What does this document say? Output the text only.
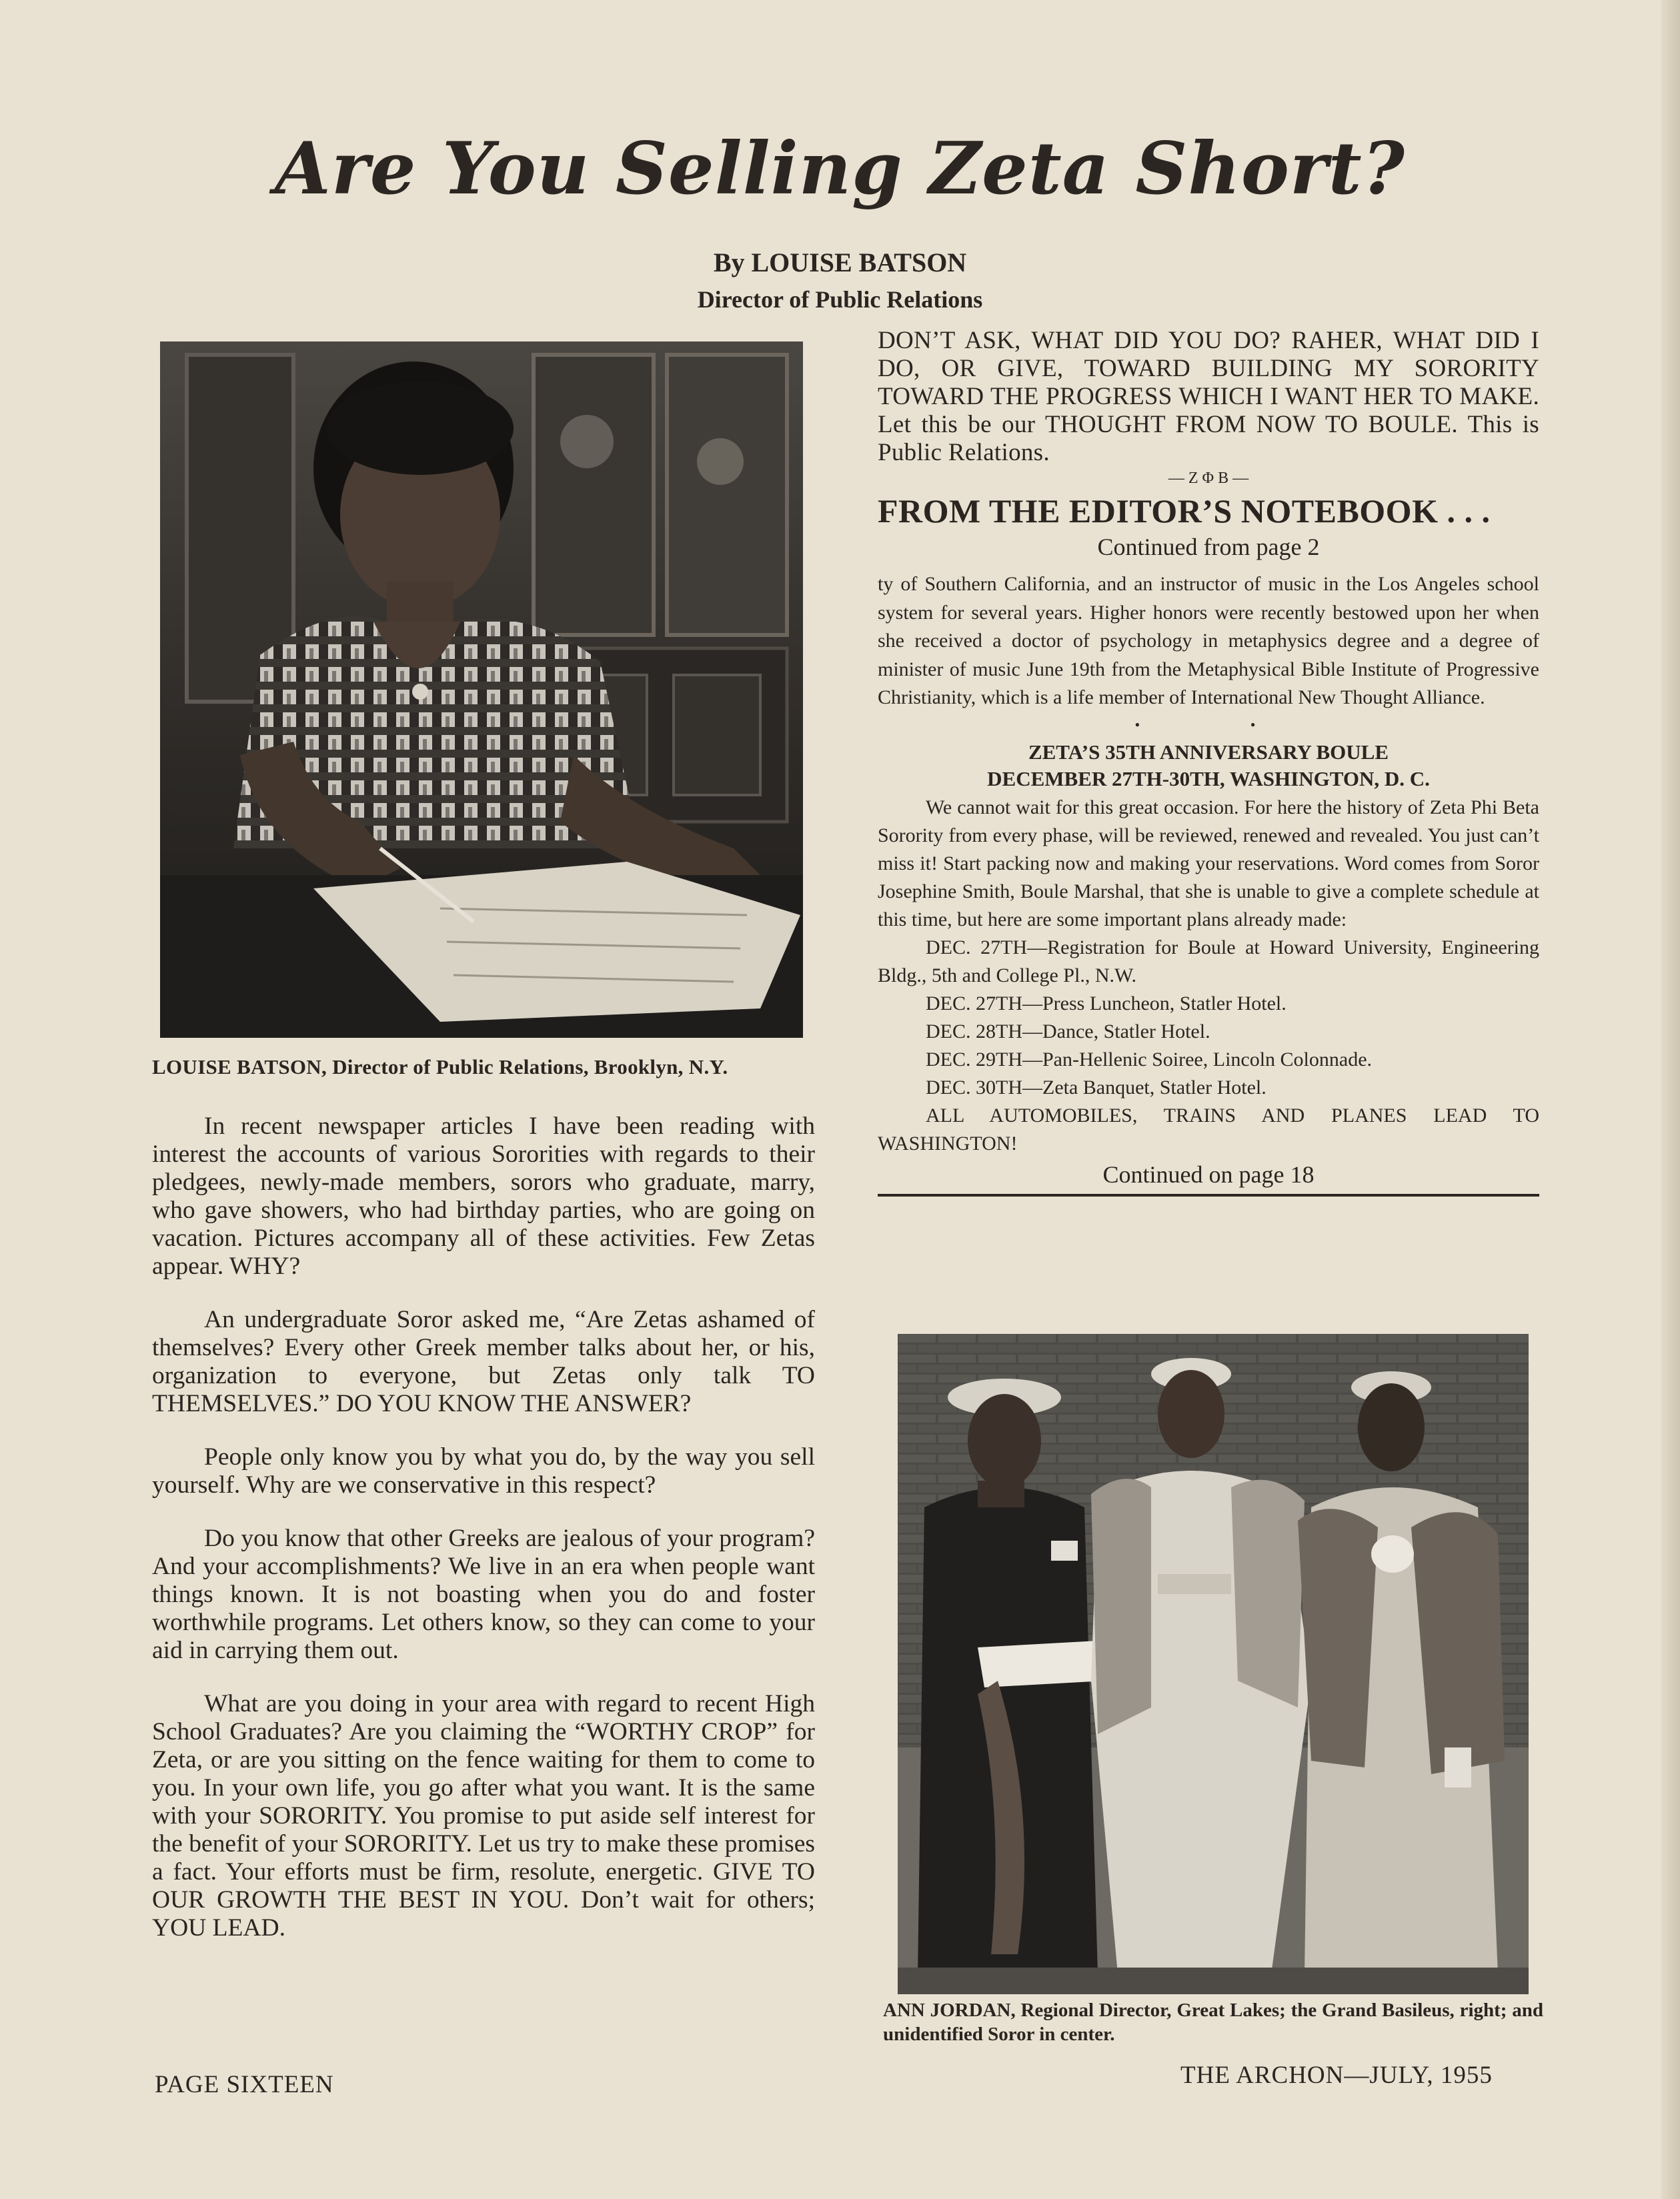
Are You Selling Zeta Short?

By LOUISE BATSON

Director of Public Relations

LOUISE BATSON, Director of Public Relations, Brooklyn, N.Y.

In recent newspaper articles I have been reading with interest the accounts of various Sororities with regards to their pledgees, newly-made members, sorors who graduate, marry, who gave showers, who had birthday parties, who are going on vacation. Pictures accompany all of these activities. Few Zetas appear. WHY?

An undergraduate Soror asked me, “Are Zetas ashamed of themselves? Every other Greek member talks about her, or his, organization to everyone, but Zetas only talk TO THEMSELVES.” DO YOU KNOW THE ANSWER?

People only know you by what you do, by the way you sell yourself. Why are we conservative in this respect?

Do you know that other Greeks are jealous of your program? And your accomplishments? We live in an era when people want things known. It is not boasting when you do and foster worthwhile programs. Let others know, so they can come to your aid in carrying them out.

What are you doing in your area with regard to recent High School Graduates? Are you claiming the “WORTHY CROP” for Zeta, or are you sitting on the fence waiting for them to come to you. In your own life, you go after what you want. It is the same with your SORORITY. You promise to put aside self interest for the benefit of your SORORITY. Let us try to make these promises a fact. Your efforts must be firm, resolute, energetic. GIVE TO OUR GROWTH THE BEST IN YOU. Don’t wait for others; YOU LEAD.

DON’T ASK, WHAT DID YOU DO? RAHER, WHAT DID I DO, OR GIVE, TOWARD BUILDING MY SORORITY TOWARD THE PROGRESS WHICH I WANT HER TO MAKE. Let this be our THOUGHT FROM NOW TO BOULE. This is Public Relations.

— Z Φ B —
FROM THE EDITOR’S NOTEBOOK . . .
Continued from page 2

ty of Southern California, and an instructor of music in the Los Angeles school system for several years. Higher honors were recently bestowed upon her when she received a doctor of psychology in metaphysics degree and a degree of minister of music June 19th from the Metaphysical Bible Institute of Progressive Christianity, which is a life member of International New Thought Alliance.

• •

ZETA’S 35TH ANNIVERSARY BOULE

DECEMBER 27TH-30TH, WASHINGTON, D. C.

We cannot wait for this great occasion. For here the history of Zeta Phi Beta Sorority from every phase, will be reviewed, renewed and revealed. You just can’t miss it! Start packing now and making your reservations. Word comes from Soror Josephine Smith, Boule Marshal, that she is unable to give a complete schedule at this time, but here are some important plans already made:

DEC. 27TH—Registration for Boule at Howard University, Engineering Bldg., 5th and College Pl., N.W.
DEC. 27TH—Press Luncheon, Statler Hotel.
DEC. 28TH—Dance, Statler Hotel.
DEC. 29TH—Pan-Hellenic Soiree, Lincoln Colonnade.
DEC. 30TH—Zeta Banquet, Statler Hotel.
ALL AUTOMOBILES, TRAINS AND PLANES LEAD TO WASHINGTON!
Continued on page 18

ANN JORDAN, Regional Director, Great Lakes; the Grand Basileus, right; and unidentified Soror in center.

PAGE SIXTEEN	THE ARCHON—JULY, 1955
